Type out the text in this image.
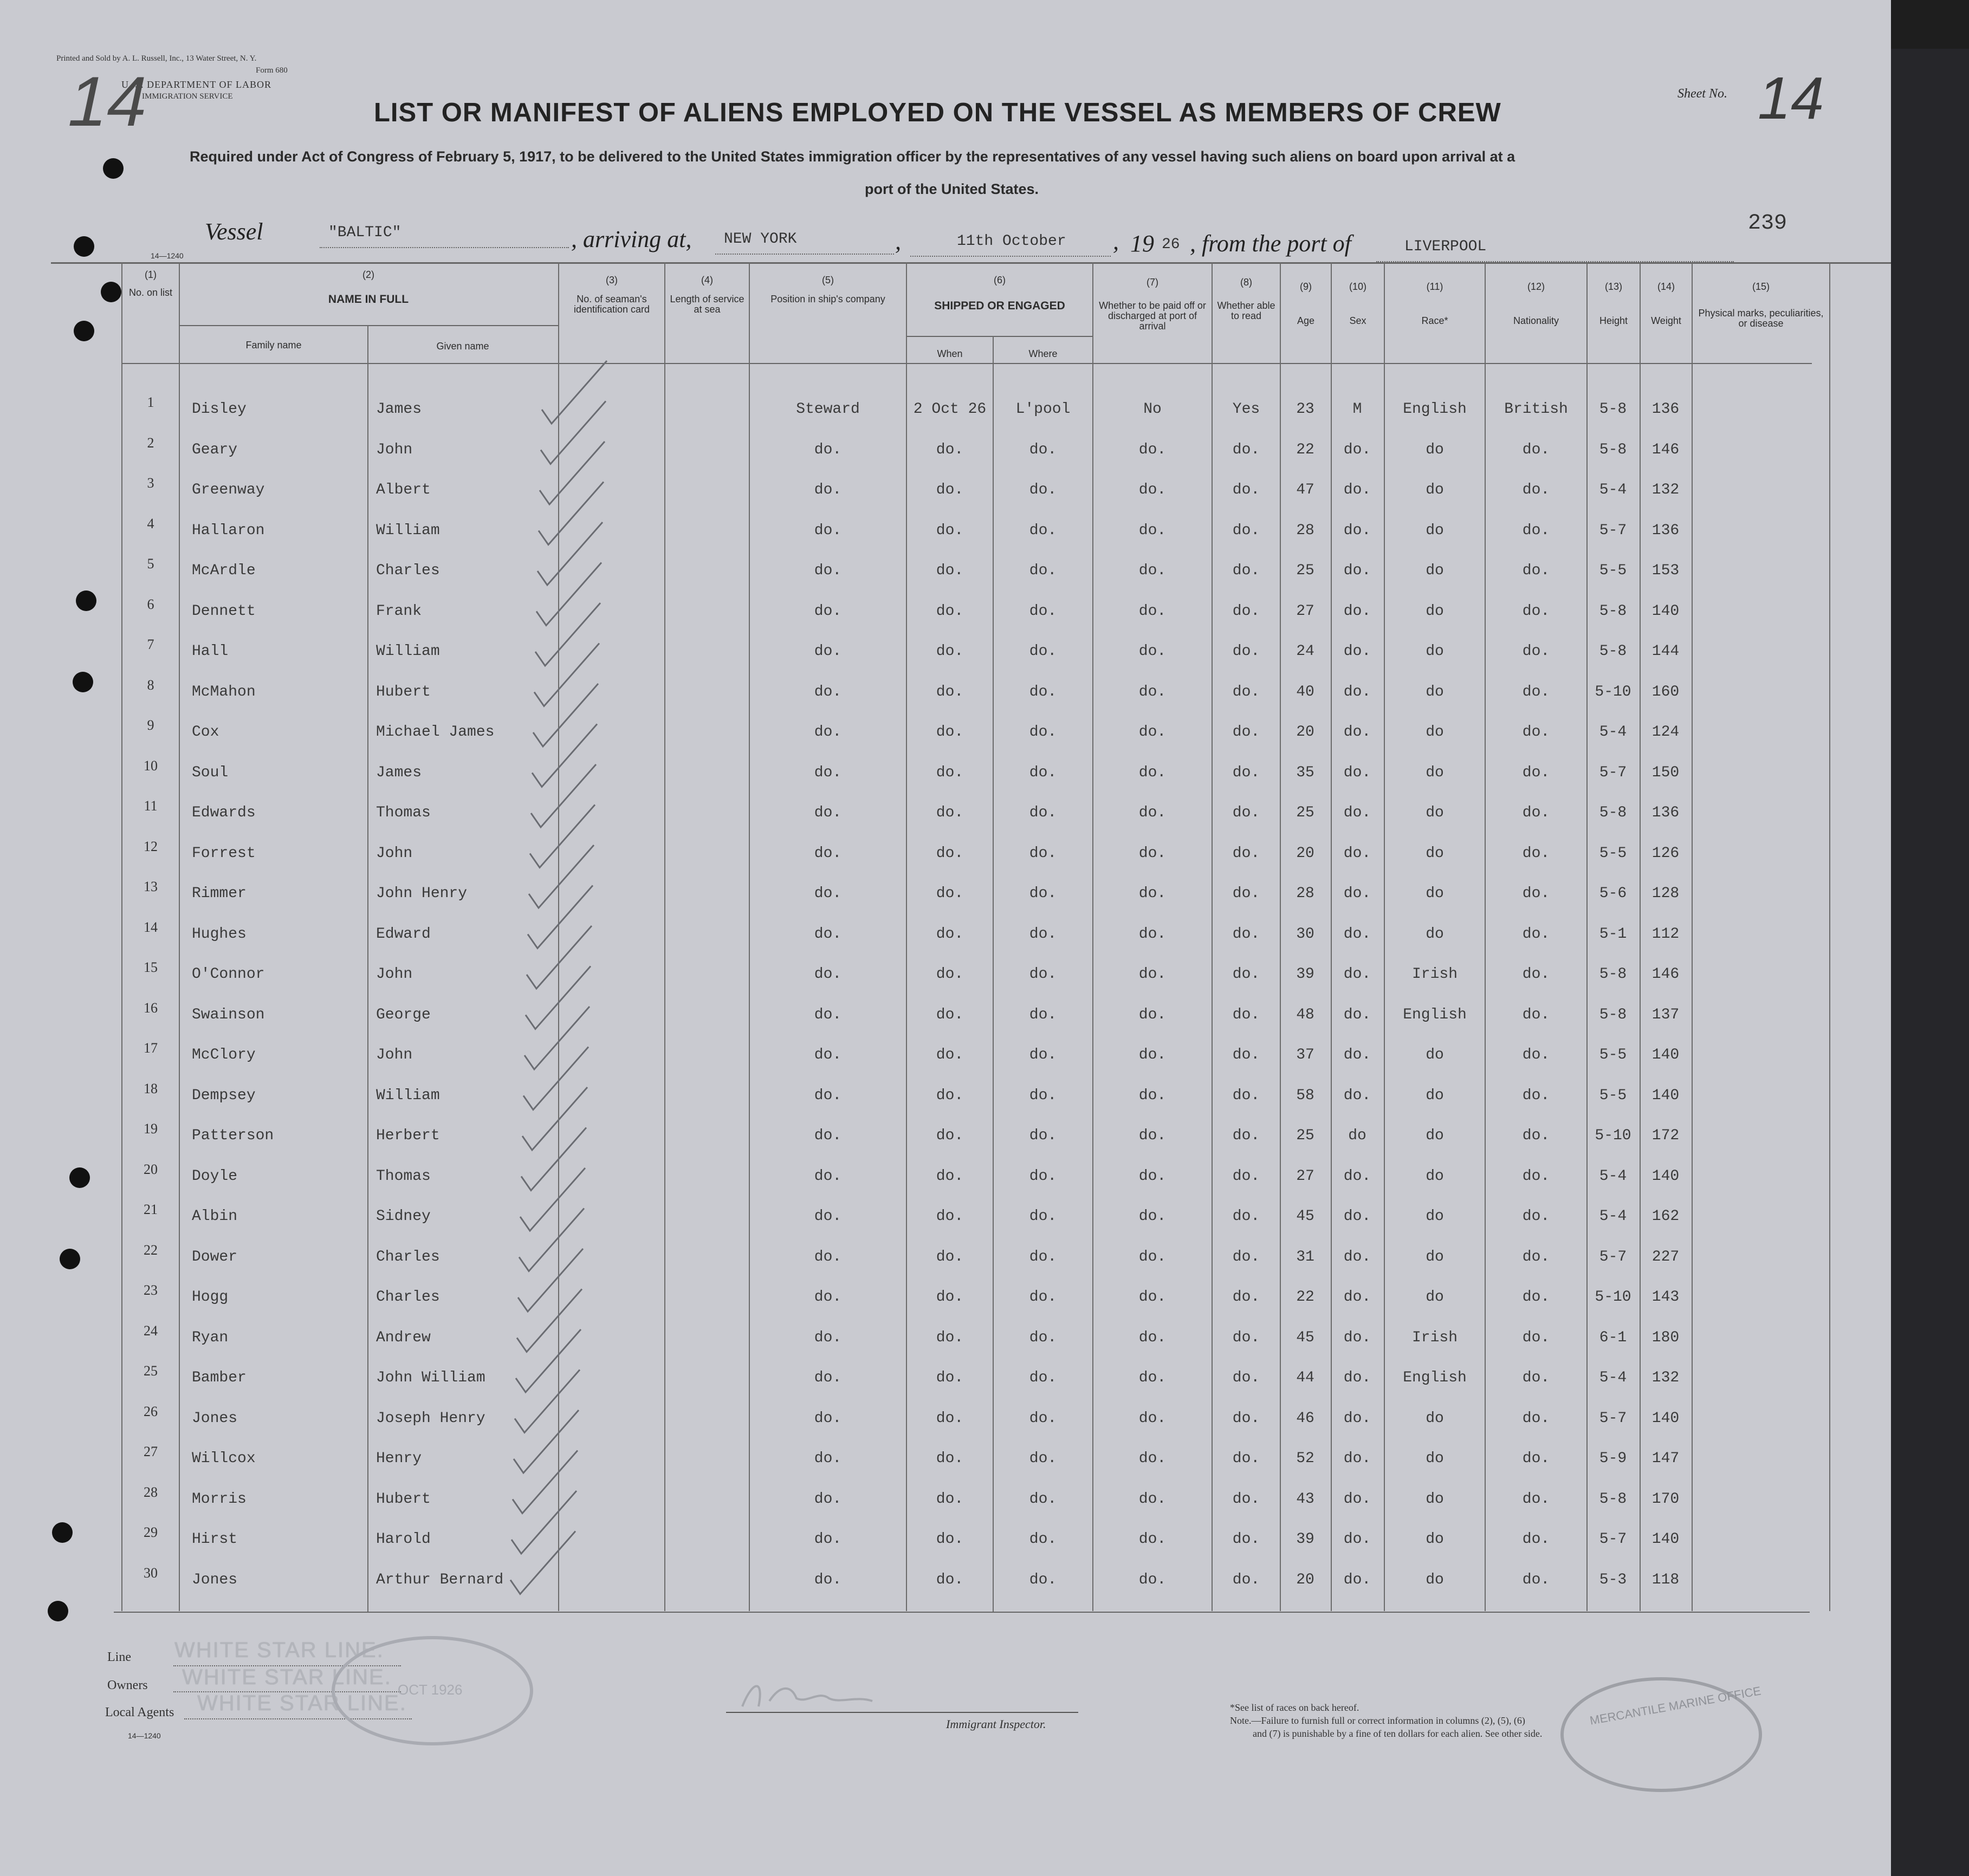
Printed and Sold by A. L. Russell, Inc., 13 Water Street, N. Y.
Form 680
U. S. DEPARTMENT OF LABOR
IMMIGRATION SERVICE
14	Sheet No. 14
LIST OR MANIFEST OF ALIENS EMPLOYED ON THE VESSEL AS MEMBERS OF CREW
Required under Act of Congress of February 5, 1917, to be delivered to the United States immigration officer by the representatives of any vessel having such aliens on board upon arrival at a
port of the United States.
239
Vessel	"BALTIC"	, arriving at, NEW YORK	,	11th October , 19 26 , from the port of	LIVERPOOL
14—1240
(1)
No. on list
(2)
NAME IN FULL
Family name	Given name
(3)
No. of seaman's identification card
(4)
Length of service at sea
(5)
Position in ship's company
(6)
SHIPPED OR ENGAGED
When	Where
(7)
Whether to be paid off or discharged at port of arrival
(8)
Whether able to read
(9)
Age
(10)
Sex
(11)
Race*
(12)
Nationality
(13)
Height
(14)
Weight
(15)
Physical marks, peculiarities, or disease
1	Disley	James	Steward	2 Oct 26	L'pool	No	Yes	23	M	English	British	5-8	136
2	Geary	John	do.	do.	do.	do.	do.	22	do.	do	do.	5-8	146
3	Greenway	Albert	do.	do.	do.	do.	do.	47	do.	do	do.	5-4	132
4	Hallaron	William	do.	do.	do.	do.	do.	28	do.	do	do.	5-7	136
5	McArdle	Charles	do.	do.	do.	do.	do.	25	do.	do	do.	5-5	153
6	Dennett	Frank	do.	do.	do.	do.	do.	27	do.	do	do.	5-8	140
7	Hall	William	do.	do.	do.	do.	do.	24	do.	do	do.	5-8	144
8	McMahon	Hubert	do.	do.	do.	do.	do.	40	do.	do	do.	5-10	160
9	Cox	Michael James	do.	do.	do.	do.	do.	20	do.	do	do.	5-4	124
10	Soul	James	do.	do.	do.	do.	do.	35	do.	do	do.	5-7	150
11	Edwards	Thomas	do.	do.	do.	do.	do.	25	do.	do	do.	5-8	136
12	Forrest	John	do.	do.	do.	do.	do.	20	do.	do	do.	5-5	126
13	Rimmer	John Henry	do.	do.	do.	do.	do.	28	do.	do	do.	5-6	128
14	Hughes	Edward	do.	do.	do.	do.	do.	30	do.	do	do.	5-1	112
15	O'Connor	John	do.	do.	do.	do.	do.	39	do.	Irish	do.	5-8	146
16	Swainson	George	do.	do.	do.	do.	do.	48	do.	English	do.	5-8	137
17	McClory	John	do.	do.	do.	do.	do.	37	do.	do	do.	5-5	140
18	Dempsey	William	do.	do.	do.	do.	do.	58	do.	do	do.	5-5	140
19	Patterson	Herbert	do.	do.	do.	do.	do.	25	do	do	do.	5-10	172
20	Doyle	Thomas	do.	do.	do.	do.	do.	27	do.	do	do.	5-4	140
21	Albin	Sidney	do.	do.	do.	do.	do.	45	do.	do	do.	5-4	162
22	Dower	Charles	do.	do.	do.	do.	do.	31	do.	do	do.	5-7	227
23	Hogg	Charles	do.	do.	do.	do.	do.	22	do.	do	do.	5-10	143
24	Ryan	Andrew	do.	do.	do.	do.	do.	45	do.	Irish	do.	6-1	180
25	Bamber	John William	do.	do.	do.	do.	do.	44	do.	English	do.	5-4	132
26	Jones	Joseph Henry	do.	do.	do.	do.	do.	46	do.	do	do.	5-7	140
27	Willcox	Henry	do.	do.	do.	do.	do.	52	do.	do	do.	5-9	147
28	Morris	Hubert	do.	do.	do.	do.	do.	43	do.	do	do.	5-8	170
29	Hirst	Harold	do.	do.	do.	do.	do.	39	do.	do	do.	5-7	140
30	Jones	Arthur Bernard	do.	do.	do.	do.	do.	20	do.	do	do.	5-3	118
Line WHITE STAR LINE.
Owners WHITE STAR LINE.
Local Agents WHITE STAR LINE.
14—1240
OCT 1926
Immigrant Inspector.
*See list of races on back hereof.
Note.—Failure to furnish full or correct information in columns (2), (5), (6)
and (7) is punishable by a fine of ten dollars for each alien. See other side.
MERCANTILE MARINE OFFICE
